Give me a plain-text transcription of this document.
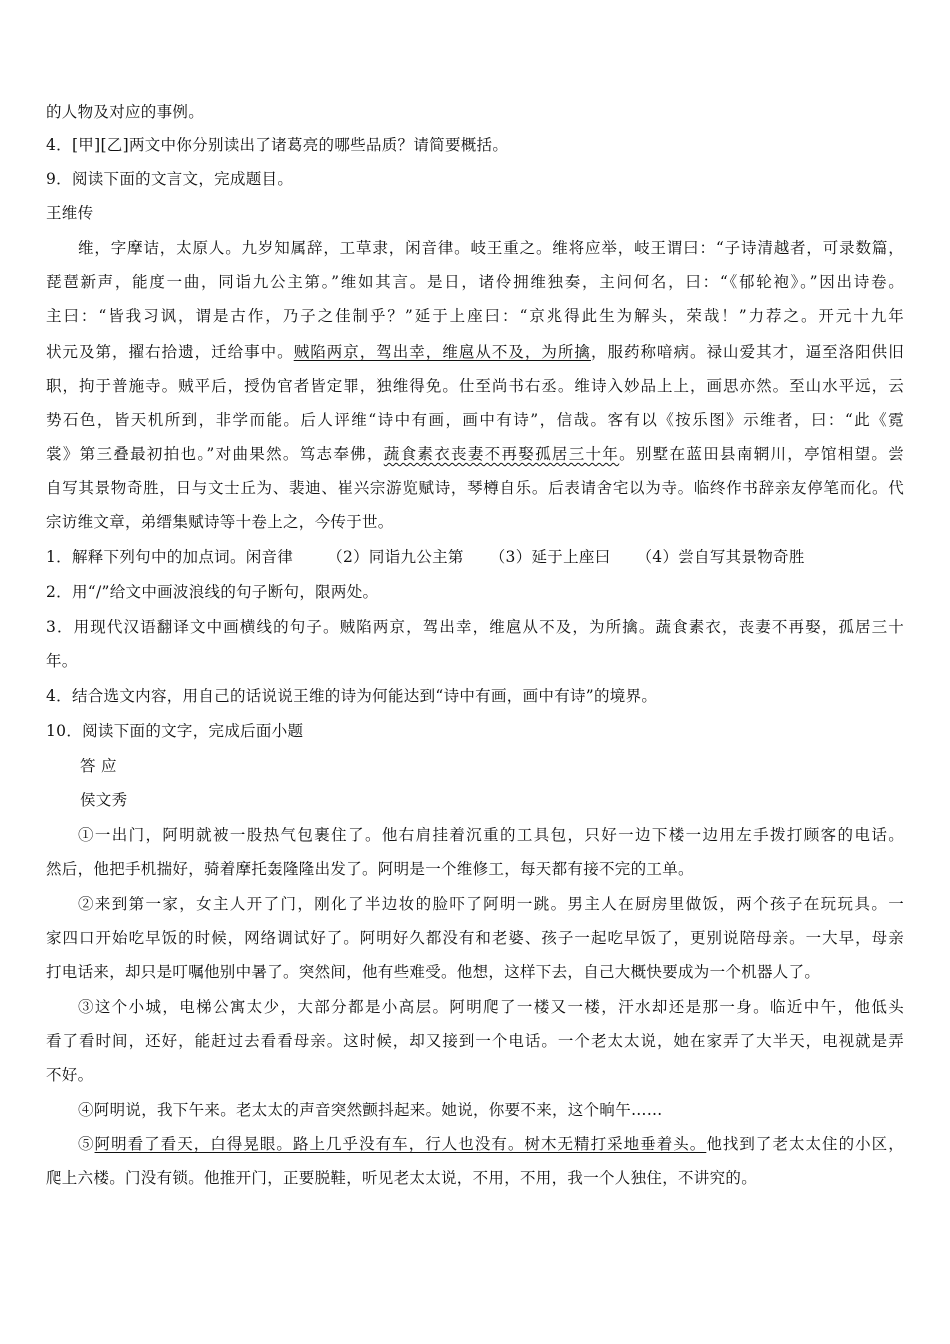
的人物及对应的事例。
4．[甲][乙]两文中你分别读出了诸葛亮的哪些品质？请简要概括。
9．阅读下面的文言文，完成题目。
王维传
维，字摩诘，太原人。九岁知属辞，工草隶，闲音律。岐王重之。维将应举，岐王谓曰：“子诗清越者，可录数篇，
琵琶新声，能度一曲，同诣九公主第。”维如其言。是日，诸伶拥维独奏，主问何名，曰：“《郁轮袍》。”因出诗卷。
主曰：“皆我习讽，谓是古作，乃子之佳制乎？”延于上座曰：“京兆得此生为解头，荣哉！”力荐之。开元十九年
状元及第，擢右拾遗，迁给事中。贼陷两京，驾出幸，维扈从不及，为所擒，服药称喑病。禄山爱其才，逼至洛阳供旧
职，拘于普施寺。贼平后，授伪官者皆定罪，独维得免。仕至尚书右丞。维诗入妙品上上，画思亦然。至山水平远，云
势石色，皆天机所到，非学而能。后人评维“诗中有画，画中有诗”，信哉。客有以《按乐图》示维者，曰：“此《霓
裳》第三叠最初拍也。”对曲果然。笃志奉佛，蔬食素衣丧妻不再娶孤居三十年。别墅在蓝田县南辋川，亭馆相望。尝
自写其景物奇胜，日与文士丘为、裴迪、崔兴宗游览赋诗，琴樽自乐。后表请舍宅以为寺。临终作书辞亲友停笔而化。代
宗访维文章，弟缙集赋诗等十卷上之，今传于世。
1．解释下列句中的加点词。闲音律 （2）同诣九公主第 （3）延于上座曰 （4）尝自写其景物奇胜
2．用“/”给文中画波浪线的句子断句，限两处。
3．用现代汉语翻译文中画横线的句子。贼陷两京，驾出幸，维扈从不及，为所擒。蔬食素衣，丧妻不再娶，孤居三十
年。
4．结合选文内容，用自己的话说说王维的诗为何能达到“诗中有画，画中有诗”的境界。
10．阅读下面的文字，完成后面小题
答 应
侯文秀
①一出门，阿明就被一股热气包裹住了。他右肩挂着沉重的工具包，只好一边下楼一边用左手拨打顾客的电话。
然后，他把手机揣好，骑着摩托轰隆隆出发了。阿明是一个维修工，每天都有接不完的工单。
②来到第一家，女主人开了门，刚化了半边妆的脸吓了阿明一跳。男主人在厨房里做饭，两个孩子在玩玩具。一
家四口开始吃早饭的时候，网络调试好了。阿明好久都没有和老婆、孩子一起吃早饭了，更别说陪母亲。一大早，母亲
打电话来，却只是叮嘱他别中暑了。突然间，他有些难受。他想，这样下去，自己大概快要成为一个机器人了。
③这个小城，电梯公寓太少，大部分都是小高层。阿明爬了一楼又一楼，汗水却还是那一身。临近中午，他低头
看了看时间，还好，能赶过去看看母亲。这时候，却又接到一个电话。一个老太太说，她在家弄了大半天，电视就是弄
不好。
④阿明说，我下午来。老太太的声音突然颤抖起来。她说，你要不来，这个晌午……
⑤阿明看了看天，白得晃眼。路上几乎没有车，行人也没有。树木无精打采地垂着头。他找到了老太太住的小区，
爬上六楼。门没有锁。他推开门，正要脱鞋，听见老太太说，不用，不用，我一个人独住，不讲究的。
